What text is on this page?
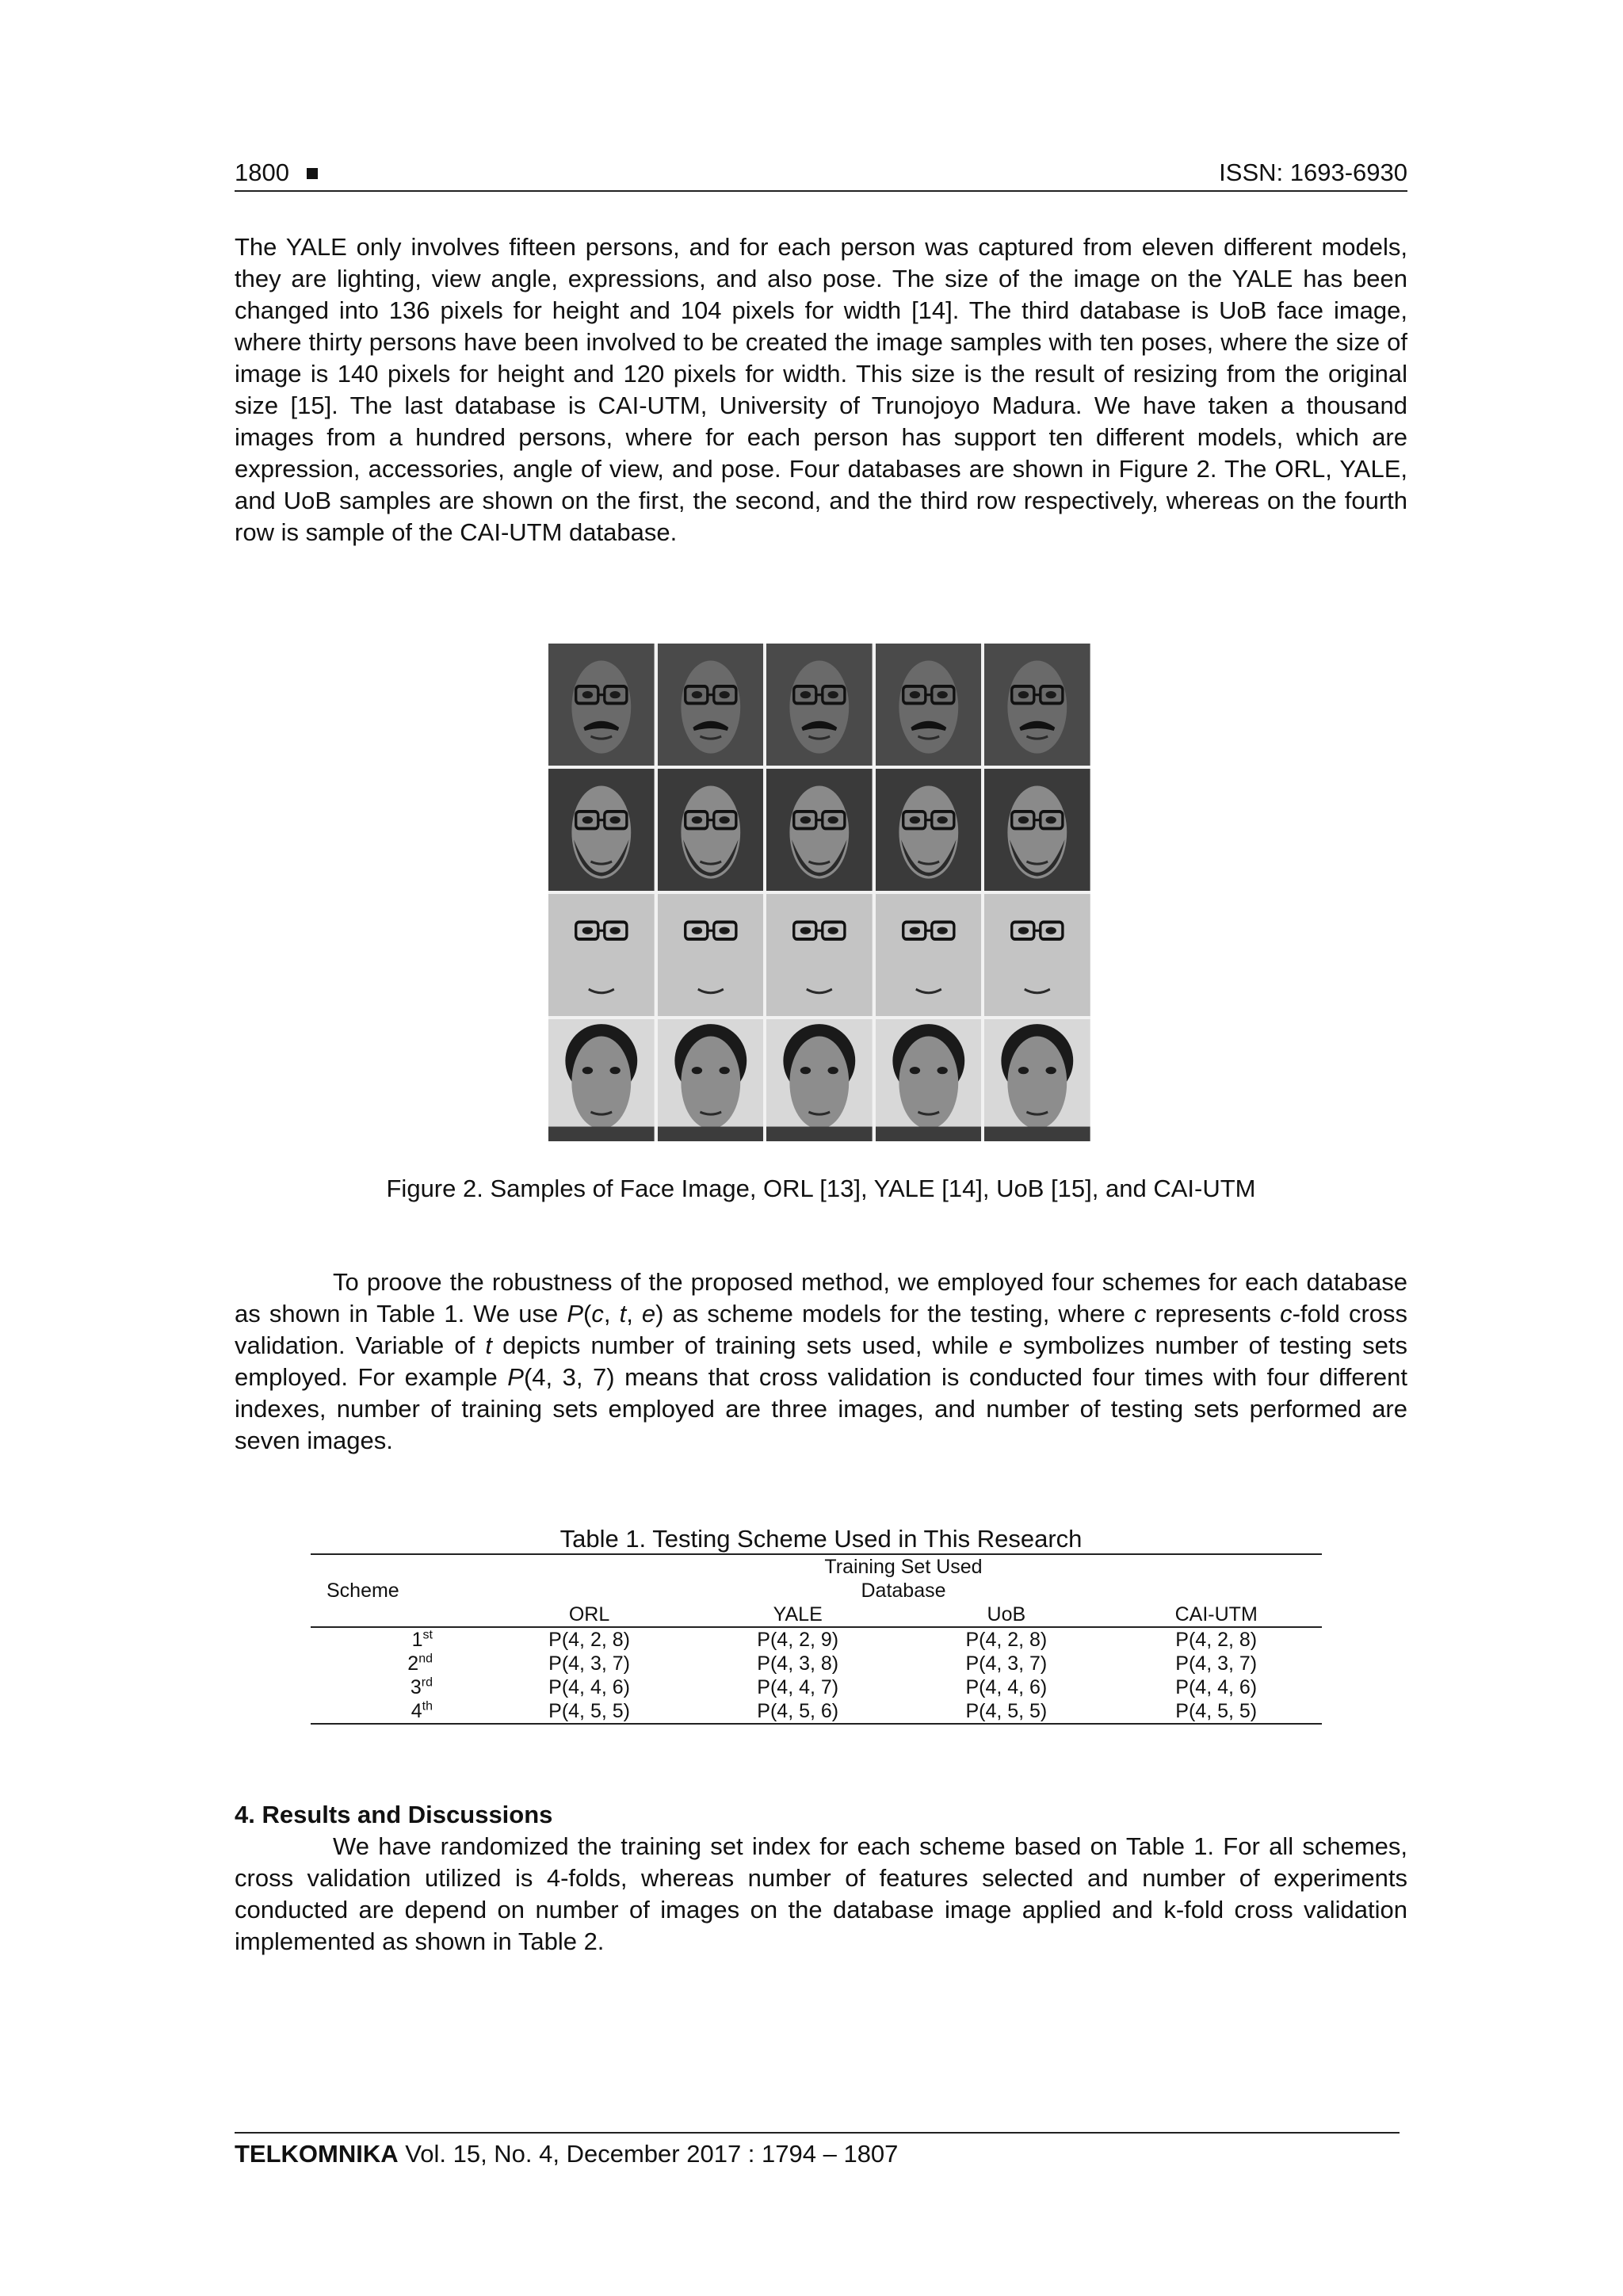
1800	ISSN: 1693-6930

The YALE only involves fifteen persons, and for each person was captured from eleven different models, they are lighting, view angle, expressions, and also pose. The size of the image on the YALE has been changed into 136 pixels for height and 104 pixels for width [14]. The third database is UoB face image, where thirty persons have been involved to be created the image samples with ten poses, where the size of image is 140 pixels for height and 120 pixels for width. This size is the result of resizing from the original size [15]. The last database is CAI-UTM, University of Trunojoyo Madura. We have taken a thousand images from a hundred persons, where for each person has support ten different models, which are expression, accessories, angle of view, and pose. Four databases are shown in Figure 2. The ORL, YALE, and UoB samples are shown on the first, the second, and the third row respectively, whereas on the fourth row is sample of the CAI-UTM database.

Figure 2. Samples of Face Image, ORL [13], YALE [14], UoB [15], and CAI-UTM

To proove the robustness of the proposed method, we employed four schemes for each database as shown in Table 1. We use P(c, t, e) as scheme models for the testing, where c represents c-fold cross validation. Variable of t depicts number of training sets used, while e symbolizes number of testing sets employed. For example P(4, 3, 7) means that cross validation is conducted four times with four different indexes, number of training sets employed are three images, and number of testing sets performed are seven images.

Table 1. Testing Scheme Used in This Research
	Training Set Used			
Scheme	Database			
	ORL	YALE	UoB	CAI-UTM
1st	P(4, 2, 8)	P(4, 2, 9)	P(4, 2, 8)	P(4, 2, 8)
2nd	P(4, 3, 7)	P(4, 3, 8)	P(4, 3, 7)	P(4, 3, 7)
3rd	P(4, 4, 6)	P(4, 4, 7)	P(4, 4, 6)	P(4, 4, 6)
4th	P(4, 5, 5)	P(4, 5, 6)	P(4, 5, 5)	P(4, 5, 5)
4. Results and Discussions

We have randomized the training set index for each scheme based on Table 1. For all schemes, cross validation utilized is 4-folds, whereas number of features selected and number of experiments conducted are depend on number of images on the database image applied and k-fold cross validation implemented as shown in Table 2.

TELKOMNIKA Vol. 15, No. 4, December 2017 : 1794 – 1807
